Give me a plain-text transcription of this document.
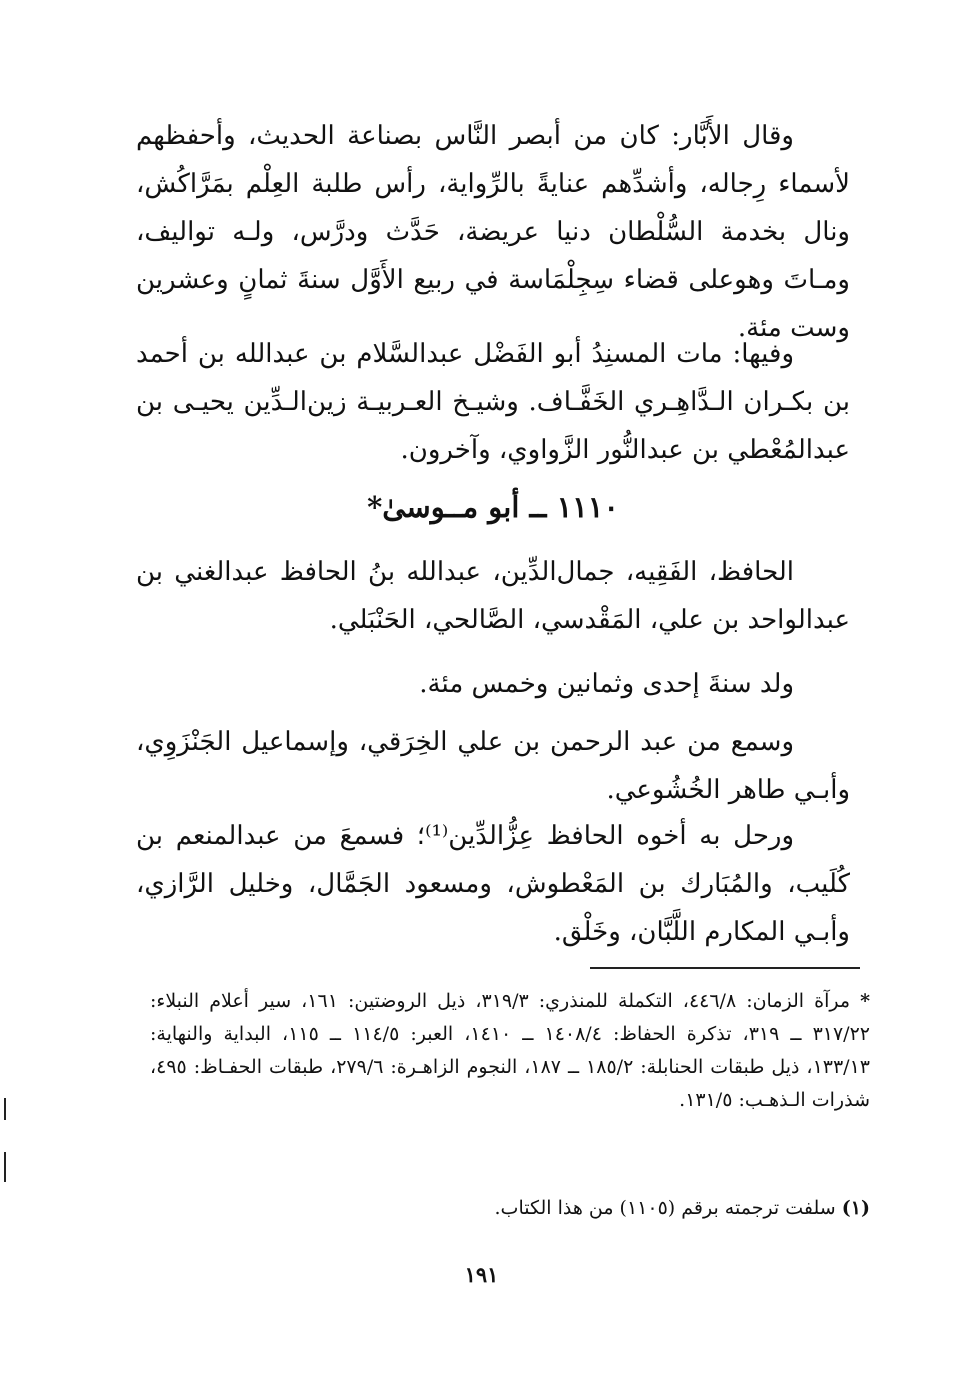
وقال الأَبَّار: كان من أبصر النَّاس بصناعة الحديث، وأحفظهم لأسماء رِجاله، وأشدِّهم عنايةً بالرِّواية، رأس طلبة العِلْم بمَرَّاكُش، ونال بخدمة السُّلْطان دنيا عريضة، حَدَّث ودرَّس، ولـه تواليف، ومـاتَ وهوعلى قضاء سِجِلْمَاسة في ربيع الأَوَّل سنةَ ثمانٍ وعشرين وست مئة.

وفيها: مات المسنِدُ أبو الفَضْل عبدالسَّلام بن عبدالله بن أحمد بن بكـران الـدَّاهِـري الخَفَّـاف. وشيـخ العـربيـة زين‌الـدِّين يحيـى بن عبدالمُعْطي بن عبدالنُّور الزَّواوي، وآخرون.

١١١٠ ــ أبو مــوسىٰ*

الحافظ، الفَقِيه، جمال‌الدِّين، عبدالله بنُ الحافظ عبدالغني بن عبدالواحد بن علي، المَقْدسي، الصَّالحي، الحَنْبَلي.

ولد سنةَ إحدى وثمانين وخمس مئة.

وسمع من عبد الرحمن بن علي الخِرَقي، وإسماعيل الجَنْزَوِي، وأبـي طاهر الخُشُوعي.

ورحل به أخوه الحافظ عِزُّالدِّين⁽¹⁾؛ فسمعَ من عبدالمنعم بن كُلَيب، والمُبَارك بن المَعْطوش، ومسعود الجَمَّال، وخليل الرَّازي، وأبـي المكارم اللَّبَّان، وخَلْق.

* مرآة الزمان: ٤٤٦/٨، التكملة للمنذري: ٣١٩/٣، ذيل الروضتين: ١٦١، سير أعلام النبلاء: ٣١٧/٢٢ ــ ٣١٩، تذكرة الحفاظ: ١٤٠٨/٤ ــ ١٤١٠، العبر: ١١٤/٥ ــ ١١٥، البداية والنهاية: ١٣٣/١٣، ذيل طبقات الحنابلة: ١٨٥/٢ ــ ١٨٧، النجوم الزاهـرة: ٢٧٩/٦، طبقات الحفـاظ: ٤٩٥، شذرات الـذهـب: ١٣١/٥.
(١) سلفت ترجمته برقم (١١٠٥) من هذا الكتاب.
١٩١
